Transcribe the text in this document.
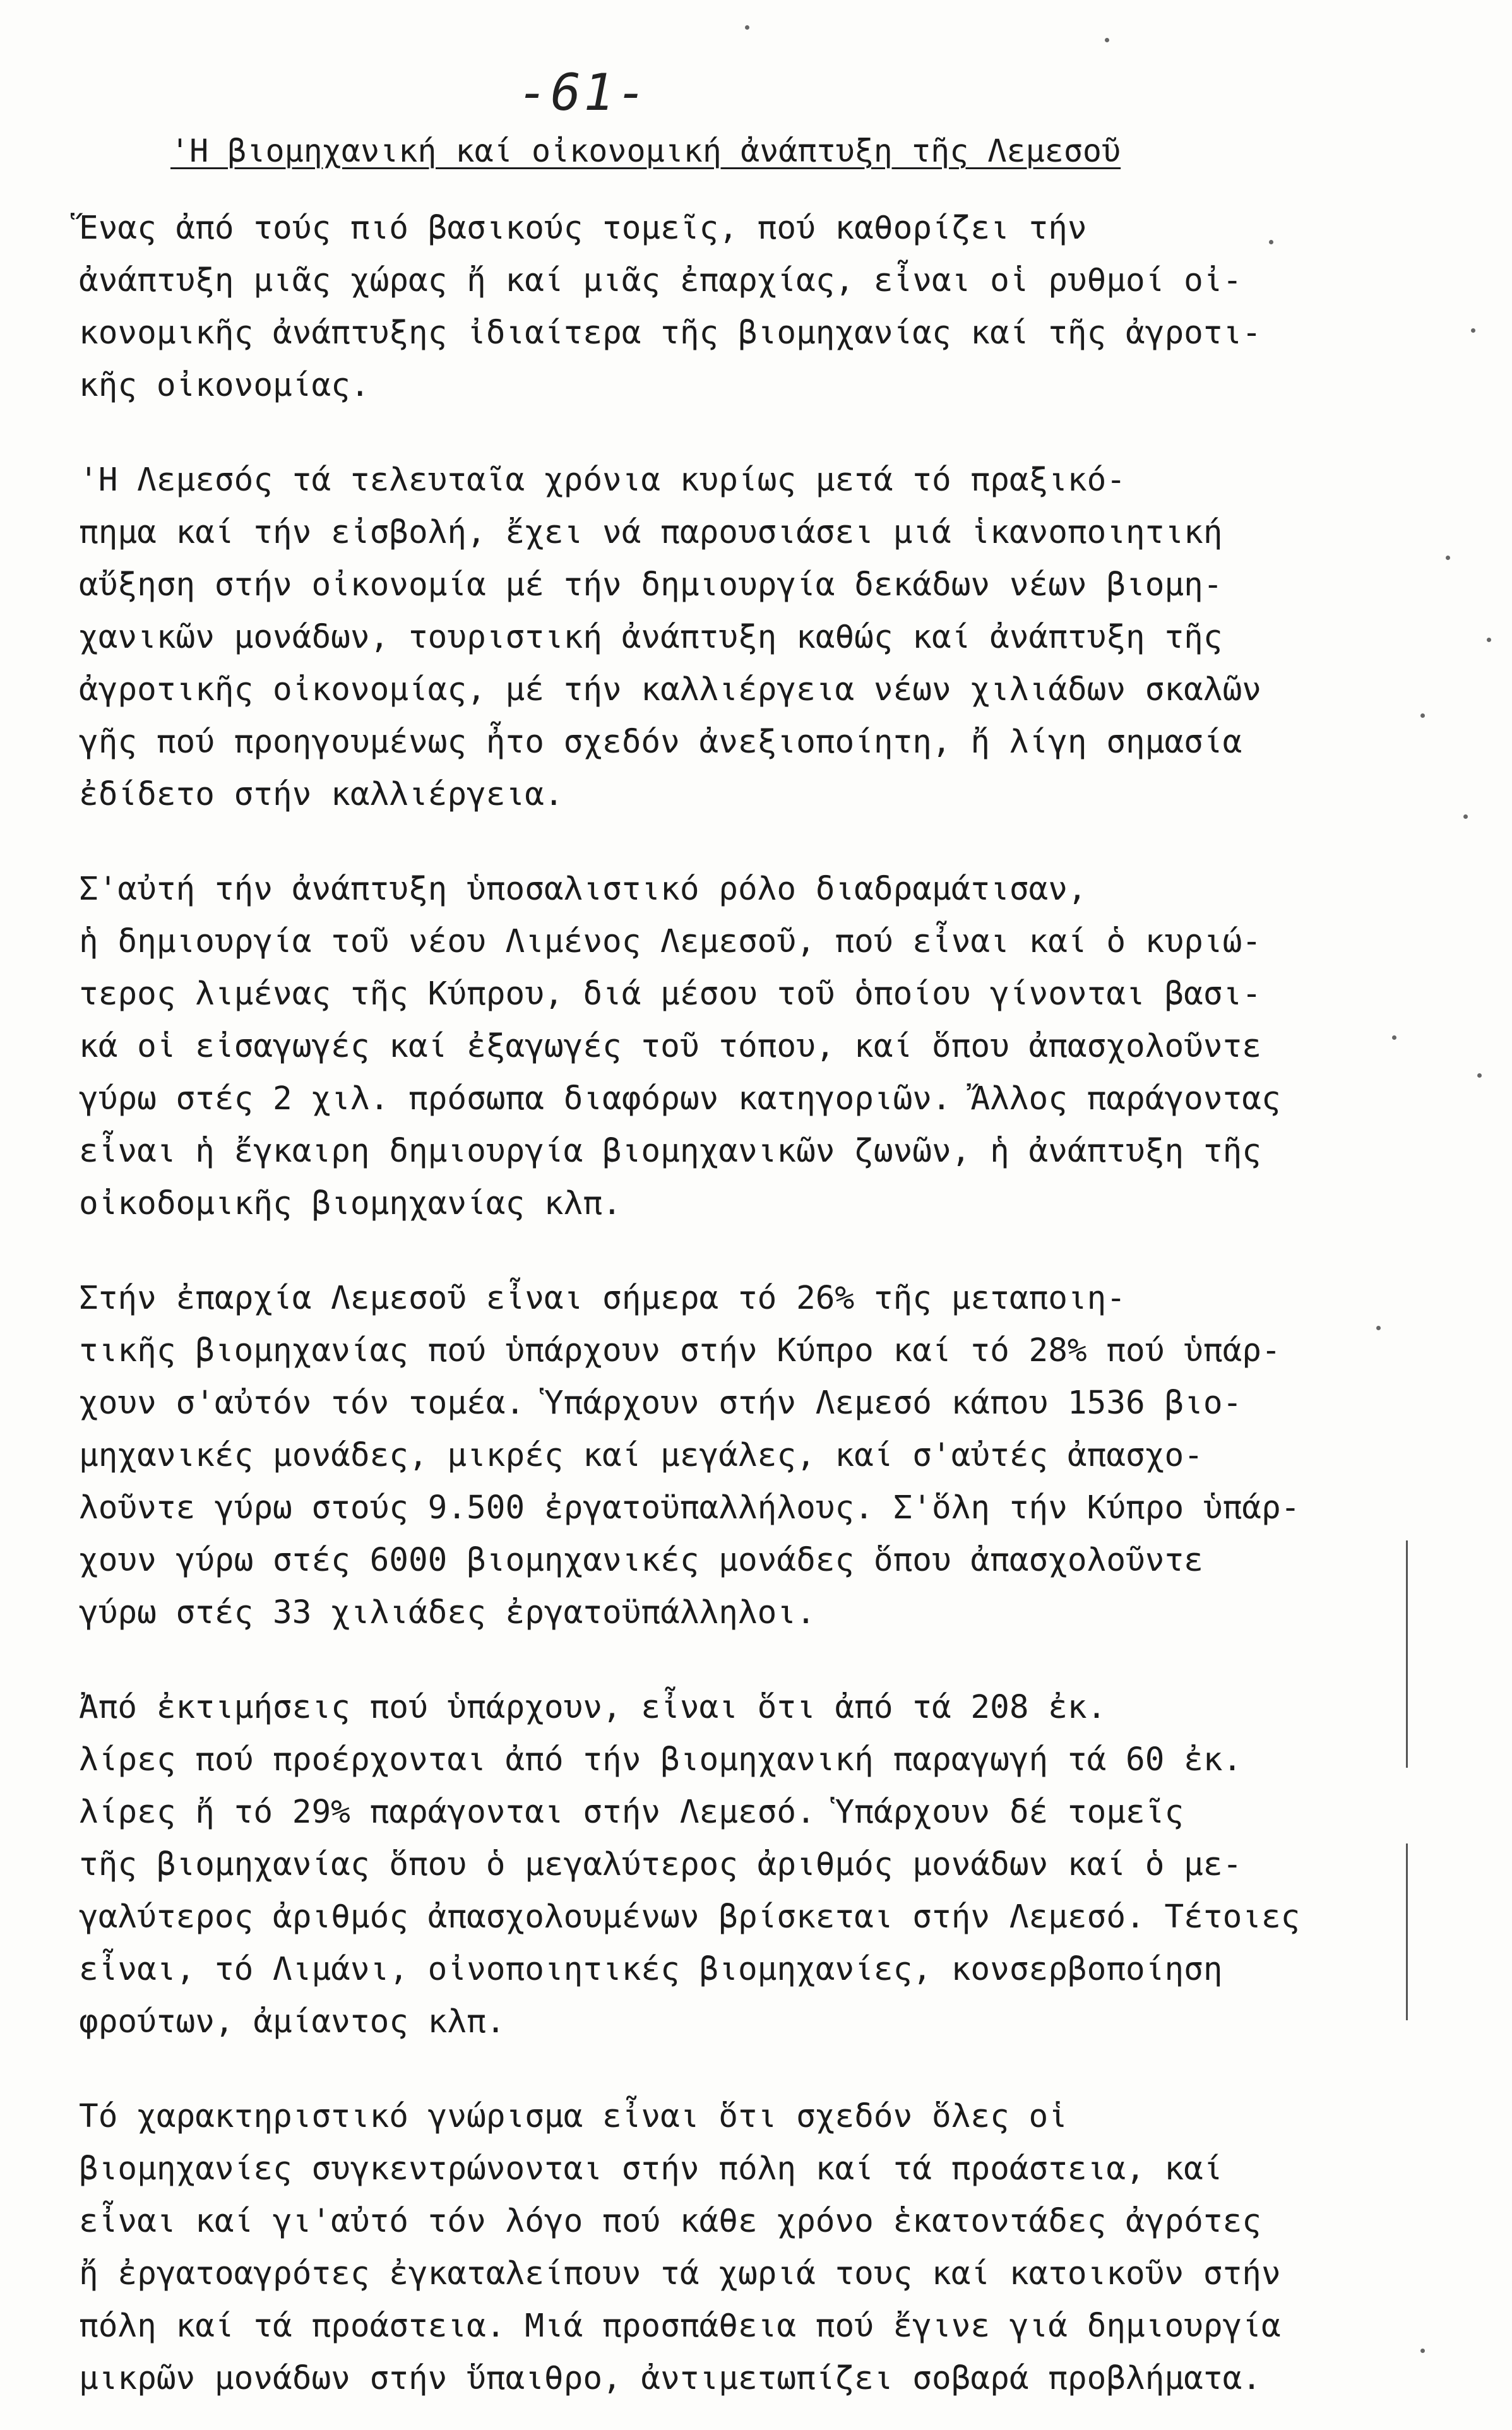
-61-
'Η βιομηχανική καί οἰκονομική ἀνάπτυξη τῆς Λεμεσοῦ
Ἕνας ἀπό τούς πιό βασικούς τομεῖς, πού καθορίζει τήν
ἀνάπτυξη μιᾶς χώρας ἤ καί μιᾶς ἐπαρχίας, εἶναι οἱ ρυθμοί οἰ-
κονομικῆς ἀνάπτυξης ἰδιαίτερα τῆς βιομηχανίας καί τῆς ἀγροτι-
κῆς οἰκονομίας.
'Η Λεμεσός τά τελευταῖα χρόνια κυρίως μετά τό πραξικό-
πημα καί τήν εἰσβολή, ἔχει νά παρουσιάσει μιά ἱκανοποιητική
αὔξηση στήν οἰκονομία μέ τήν δημιουργία δεκάδων νέων βιομη-
χανικῶν μονάδων, τουριστική ἀνάπτυξη καθώς καί ἀνάπτυξη τῆς
ἀγροτικῆς οἰκονομίας, μέ τήν καλλιέργεια νέων χιλιάδων σκαλῶν
γῆς πού προηγουμένως ἦτο σχεδόν ἀνεξιοποίητη, ἤ λίγη σημασία
ἐδίδετο στήν καλλιέργεια.
Σ'αὐτή τήν ἀνάπτυξη ὑποσαλιστικό ρόλο διαδραμάτισαν,
ἡ δημιουργία τοῦ νέου Λιμένος Λεμεσοῦ, πού εἶναι καί ὁ κυριώ-
τερος λιμένας τῆς Κύπρου, διά μέσου τοῦ ὁποίου γίνονται βασι-
κά οἱ εἰσαγωγές καί ἐξαγωγές τοῦ τόπου, καί ὅπου ἀπασχολοῦντε
γύρω στές 2 χιλ. πρόσωπα διαφόρων κατηγοριῶν. Ἄλλος παράγοντας
εἶναι ἡ ἔγκαιρη δημιουργία βιομηχανικῶν ζωνῶν, ἡ ἀνάπτυξη τῆς
οἰκοδομικῆς βιομηχανίας κλπ.
Στήν ἐπαρχία Λεμεσοῦ εἶναι σήμερα τό 26% τῆς μεταποιη-
τικῆς βιομηχανίας πού ὑπάρχουν στήν Κύπρο καί τό 28% πού ὑπάρ-
χουν σ'αὐτόν τόν τομέα. Ὑπάρχουν στήν Λεμεσό κάπου 1536 βιο-
μηχανικές μονάδες, μικρές καί μεγάλες, καί σ'αὐτές ἀπασχο-
λοῦντε γύρω στούς 9.500 ἐργατοϋπαλλήλους. Σ'ὅλη τήν Κύπρο ὑπάρ-
χουν γύρω στές 6000 βιομηχανικές μονάδες ὅπου ἀπασχολοῦντε
γύρω στές 33 χιλιάδες ἐργατοϋπάλληλοι.
Ἀπό ἐκτιμήσεις πού ὑπάρχουν, εἶναι ὅτι ἀπό τά 208 ἐκ.
λίρες πού προέρχονται ἀπό τήν βιομηχανική παραγωγή τά 60 ἐκ.
λίρες ἤ τό 29% παράγονται στήν Λεμεσό. Ὑπάρχουν δέ τομεῖς
τῆς βιομηχανίας ὅπου ὁ μεγαλύτερος ἀριθμός μονάδων καί ὁ με-
γαλύτερος ἀριθμός ἀπασχολουμένων βρίσκεται στήν Λεμεσό. Τέτοιες
εἶναι, τό Λιμάνι, οἰνοποιητικές βιομηχανίες, κονσερβοποίηση
φρούτων, ἀμίαντος κλπ.
Τό χαρακτηριστικό γνώρισμα εἶναι ὅτι σχεδόν ὅλες οἱ
βιομηχανίες συγκεντρώνονται στήν πόλη καί τά προάστεια, καί
εἶναι καί γι'αὐτό τόν λόγο πού κάθε χρόνο ἑκατοντάδες ἀγρότες
ἤ ἐργατοαγρότες ἐγκαταλείπουν τά χωριά τους καί κατοικοῦν στήν
πόλη καί τά προάστεια. Μιά προσπάθεια πού ἔγινε γιά δημιουργία
μικρῶν μονάδων στήν ὕπαιθρο, ἀντιμετωπίζει σοβαρά προβλήματα.
